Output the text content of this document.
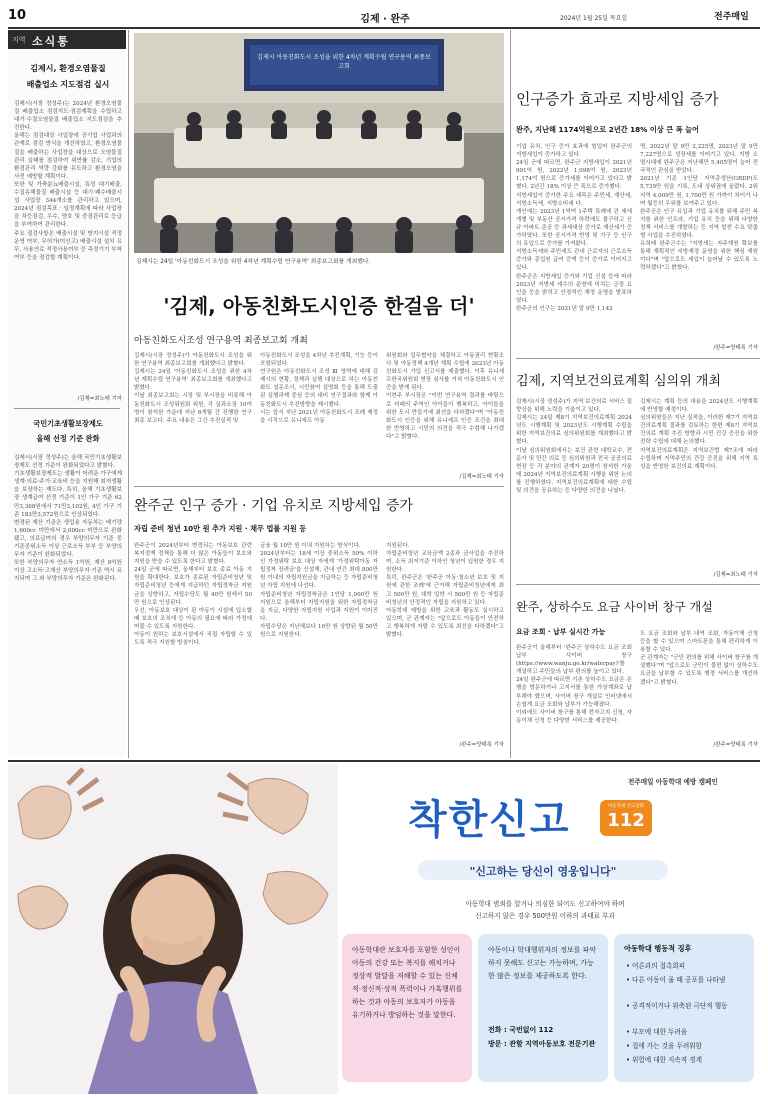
10	김제 · 완주	2024년 1월 25일 목요일	전주매일
지역 소식통
김제시, 환경오염물질
배출업소 지도점검 실시
김제시(시장 정성주)는 2024년 환경오염물질 배출업소 점검지도·점검계획을 수립하고 대기·수질오염물질 배출업소 지도점검을 추진한다.
올해는 점검대상 사업장에 공기업 사업과의 관계로 점검 방식을 개선하였고, 환경오염물질을 배출하는 사업장을 대상으로 오염물질 관리 실태를 점검하여 위반률 감소, 기업의 환경관리 역량 강화를 유도하고 환경오염을 사전 예방할 계획이다.
또한 및 가축분뇨배출시설, 특정 대기배출, 수질유해물질 배출시설 등 대기·폐수배출시설 사업장 344개소를 관리하고 있으며, 2024년 점검목표 · 일정계획에 따라 사업장을 차등점검, 우수, 양호 및 중점관리로 등급을 부여하여 관리한다.
주요 점검사항은 배출시설 및 방지시설 적정 운영 여부, 무허가(미신고) 배출시설 설치 유무, 사용연료 적정사용여부 등 측정기기 부착 여부 등을 점검할 계획이다.
/김제=최노태 기자
국민기초생활보장제도
올해 선정 기준 완화
김제시(시장 정성주)는 올해 국민기초생활보장제도 선정 기준이 완화되었다고 밝혔다.
기초생활보장제도는 생활이 어려운 가구에게 생계·의료·주거·교육비 등을 지원해 최저생활을 보장하는 제도다. 특히, 올해 기초생활보장 생계급여 선정 기준이 1인 가구 기준 62만3,368원에서 71만3,102원, 4인 가구 기준 183만3,572원으로 인상되었다.
변경된 재산 기준은 생업용 자동차는 배기량 1,600cc 미만에서 2,000cc 미만으로 완화됐고, 의료급여의 경우 부양의무자 기준 중 기준중위소득 이상 근로소득 부부 등 부양의무자 기준이 완화되었다.
또한 부양의무자 연소득 1억원, 재산 9억원 이상 고소득·고재산 부양의무자 기준 역시 유지되며 그 외 부양의무자 기준은 완화된다.
김제시 아동친화도시 조성을 위한 4차년 계획수립 연구용역 최종보고회
김제시는 24일 '아동친화도시 조성을 위한 4차년 계획수립 연구용역' 최종보고회를 개최했다.
'김제, 아동친화도시인증 한걸음 더'
아동친화도시조성 연구용역 최종보고회 개최
김제시(시장 정성주)가 아동친화도시 조성을 위한 연구용역 최종보고회를 개최했다고 밝혔다.
김제시는 24일 '아동친화도시 조성을 위한 4차년 계획수립 연구용역' 최종보고회를 개최했다고 밝혔다.
이날 최종보고회는 시장 및 부시장을 비롯해 아동친화도시 조성위원회 위원, 각 실과소장 10여명이 참석한 가운데 지난 6개월 간 진행한 연구 최종 보고다. 주요 내용은 그간 추진실적 및
아동친화도시 조성을 4차년 추진계획, 기능 등이 포함되었다.
연구원은 아동친화도시 조성 Ⅲ 영역에 대해 김제시의 현황, 정책과 실행 대상으로 하는 아동친화도 설문조사, 시민참여 설명회 등을 통해 도출된 실행과제 중심 등의 대비 연구결과와 함께 아동친화도시 추진방향을 제시했다.
시는 앞서 지난 2021년 아동친화도시 조례 제정을 시작으로 유니세프 아동
위원회와 업무협약을 체결하고 아동권리 현황조사 및 아동정책 4개년 계획 수립에 2023년 아동친화도시 가입 신고서를 제출했다. 이후 유니세프한국위원회 현장 심사를 거쳐 아동친화도시 인증을 받게 된다.
이현주 부시장은 "이번 연구용역 결과를 바탕으로 미래의 주역인 아이들이 행복하고, 아이들을 위한 도시 만들기에 최선을 다하겠다"며 "아동친화도시 인증을 위해 유니세프 인증 조건을 최대한 반영하고 시민의 의견을 적극 수렴해 나가겠다"고 밝혔다.
/김제=최노태 기자
완주군 인구 증가 · 기업 유치로 지방세입 증가
자립 준비 청년 10만 원 추가 지원 · 채무 법률 지원 등
완주군이 2024년부터 변경되는 아동보호 관련 복지정책 정책을 통해 더 많은 아동들이 보호와 지원을 받을 수 있도록 한다고 밝혔다.
24일 군에 따르면, 올해부터 보호 종료 아동 지원을 확대한다. 보호가 종료된 자립준비청년 및 자립준비청년 등에게 지급하던 자립정착금 지원금을 상향하고, 자립수당도 월 40만 원에서 50만 원으로 인상된다.
우선, 아동보호 대상이 된 아동이 시설에 입소할 때 보호의 조치에 등 아동의 필요에 따라 가정에 머물 수 있도록 지원한다.
아동이 원하는 보호시설에서 직접 자립할 수 있도록 적극 지원할 방침이다.
금융 월 10만 원 이내 지원하는 방식이다.
2024년부터는 18세 이상 중위소득 50% 이하인 가정위탁 보호 대상 자에게 '가정위탁아동 자립정착 장려금'을 신설해, 관내 연간 최대 800만 원 이내의 자립지원금을 지급하는 등 자립준비청년 자립 지원에 나선다.
자립준비청년 자립정착금은 1인당 1,000만 원 지원으로 올해부터 자립지원을 위한 자립정착금을 지급, 다양한 자립지원 사업과 지원이 이어진다.
자립수당은 지난해보다 10만 원 상향된 월 50만 원으로 지원한다.
지원된다.
자립준비청년 교육금액 2종과 금사업을 추진하며, 소득 최저기준 이하인 청년이 입원한 경우 지원한다.
특히, 완주군은 '완주군 아동·청소년 보호 및 지원에 관한 조례'에 근거해 자립준비청년에게 최고 500만 원, 대학 입학 시 500만 원 등 자립준비청년의 안정적인 자립을 지원하고 있다.
아동학대 예방을 위한 교육과 활동도 실시하고 있으며, 군 관계자는 "앞으로도 아동들이 안전하고 행복하게 자랄 수 있도록 최선을 다하겠다"고 밝혔다.
/완주=양태록 기자
인구증가 효과로 지방세입 증가
완주, 지난해 1174억원으로 2년간 18% 이상 큰 폭 늘어
기업 유치, 인구 증가 효과에 힘입어 완주군의 지방세입이 증가하고 있다.
24일 군에 따르면, 완주군 지방세입이 2021년 991억 원, 2022년 1,098억 원, 2023년 1,174억 원으로 증가세를 이어가고 있다고 밝혔다. 2년간 18% 이상 큰 폭으로 증가했다.
지방세입이 증가한 주요 세목은 주민세, 재산세, 지방소득세, 지방소비세 다.
개인에는 2023년 1억여 1주택 특례에 관 세에 개별 및 부동산 공시가격 하락에도 불구하고 신규 아파트 준공 등 과세대상 증가로 재산세가 증가하였다. 또한 공시가격 반영 및 가구 등 인구의 유입으로 증가를 가져왔다.
지방소득세와 주민세도 관내 근로자의 근로소득증가와 종업원 급여 증액 등이 증가로 이어지고 있다.
완주군은 지방세입 증가와 기업 신설 등에 따라 2023년 지방세 세수의 운영에 미치는 긍정 요인을 등을 밝히고 안정적인 재정 운영을 발표하였다.
완주군의 인구는 2021년 말 9만 1,142
명, 2022년 말 9만 2,225명, 2023년 말 9만 7,227명으로 성장세를 이어가고 있다. 지방 소멸시대에 완주군은 지난해만 5,405명이 늘어 전국적인 관심을 받았다.
2021년 기준 1인당 지역총생산(GRDP)도 5,739만 원을 기록, 도내 상위권에 올랐다. 2위 지역 4,009만 원, 1,700만 원 가까이 차이가 나며 월등히 우위를 보여주고 있다.
완주군은 인구 유입과 기업 유치를 위해 주민 복지를 위한 인프라, 기업 유치 등을 위해 다양한 정책 서비스를 개발하는 등 지역 발전 수요 맞춤형 사업을 추진하였다.
유희태 완주군수는 "지방세는 자주재원 확보를 통해 계획적인 지방재정 운영을 위한 핵심 재원이다"며 "앞으로도 세입이 늘어날 수 있도록 노력하겠다"고 밝혔다.
/완주=양태록 기자
김제, 지역보건의료계획 심의위 개최
김제시(시장 정성주)가 지역 보건의료 서비스 질향상을 위해 노력을 기울이고 있다.
김제시는 24일 제8기 지역보건의료계획 2024년도 시행계획 및 2023년도 시행계획 수립을 위한 지역보건의료 심의위원회를 개최했다고 밝혔다.
이날 심의위원회에서는 보건 관련 대학교수, 전문가 및 민간 의료 등 심의위원과 전국 공공의료 현장 등 각 분야의 관계자 20명이 참석한 가운데 2024년 지역보건의료계획 시행을 위한 논의를 진행하였다. 지역보건의료계획에 대한 수립 및 의견을 공유하는 등 다양한 의견을 나눴다.
김제시는 계획 등의 내용을 2024년도 시행계획에 반영할 예정이다.
심의위원들은 지난 실적을, 이러한 제7기 지역보건의료계획 결과를 검토하는 한편 제8기 지역보건의료 계획 추진 방향과 시민 건강 증진을 위한 전략 수립에 대해 논의했다.
지역보건의료계획은 지역보건법 제7조에 따라 수립하며 지역주민의 건강 증진을 위해 지역 특성을 반영한 보건의료 계획이다.
/김제=최노태 기자
완주, 상하수도 요금 사이버 창구 개설
요금 조회 · 납부 실시간 가능
완주군이 올해부터 '완주군 상하수도 요금 조회 납부 사이버 창구(https://www.wanju.go.kr/waterpay)'를 개설하고 주민들의 납부 편의를 높이고 있다.
24일 완주군에 따르면 기존 상하수도 요금은 은행을 방문하거나 고지서를 통한 가상계좌로 납부해야 했으며, 사이버 창구 개설로 인터넷에서 손쉽게 요금 조회와 납부가 가능해졌다.
이외에도 사이버 창구를 통해 전자고지 신청, 자동이체 신청 등 다양한 서비스를 제공한다.
도 요금 조회와 납부 내역 조회, 자동이체 신청 등을 할 수 있으며 스마트폰을 통해 편리하게 이용할 수 있다.
군 관계자는 "군민 편의를 위해 사이버 창구를 개설했다"며 "앞으로도 군민이 불편 없이 상하수도 요금을 납부할 수 있도록 행정 서비스를 개선하겠다"고 밝혔다.
/완주=양태록 기자
전주매일 아동학대 예방 캠페인
착한신고	아동학대 신고전화
112
"신고하는 당신이 영웅입니다"
아동학대 범죄를 알거나 의심한 되어도 신고하여야 하며
신고하지 않은 경우 500만원 이하의 과태료 부과
아동학대란 보호자를 포함한 성인이 아동의 건강 또는 복지를 해치거나 정상적 발달을 저해할 수 있는 신체적·정신적·성적 폭력이나 가혹행위를 하는 것과 아동의 보호자가 아동을 유기하거나 방임하는 것을 말한다.
아동이나 학대행위자의 정보를 파악하지 못해도 신고는 가능하며, 가능한 많은 정보를 제공하도록 한다.
전화 : 국번없이 112
방문 : 관할 지역아동보호 전문기관
아동학대 행동적 징후
• 어른과의 접촉회피
• 다른 아동이 울 때 공포를 나타냄
• 공격적이거나 위축된 극단적 행동
• 부모에 대한 두려움
• 집에 가는 것을 두려워함
• 위험에 대한 지속적 경계
